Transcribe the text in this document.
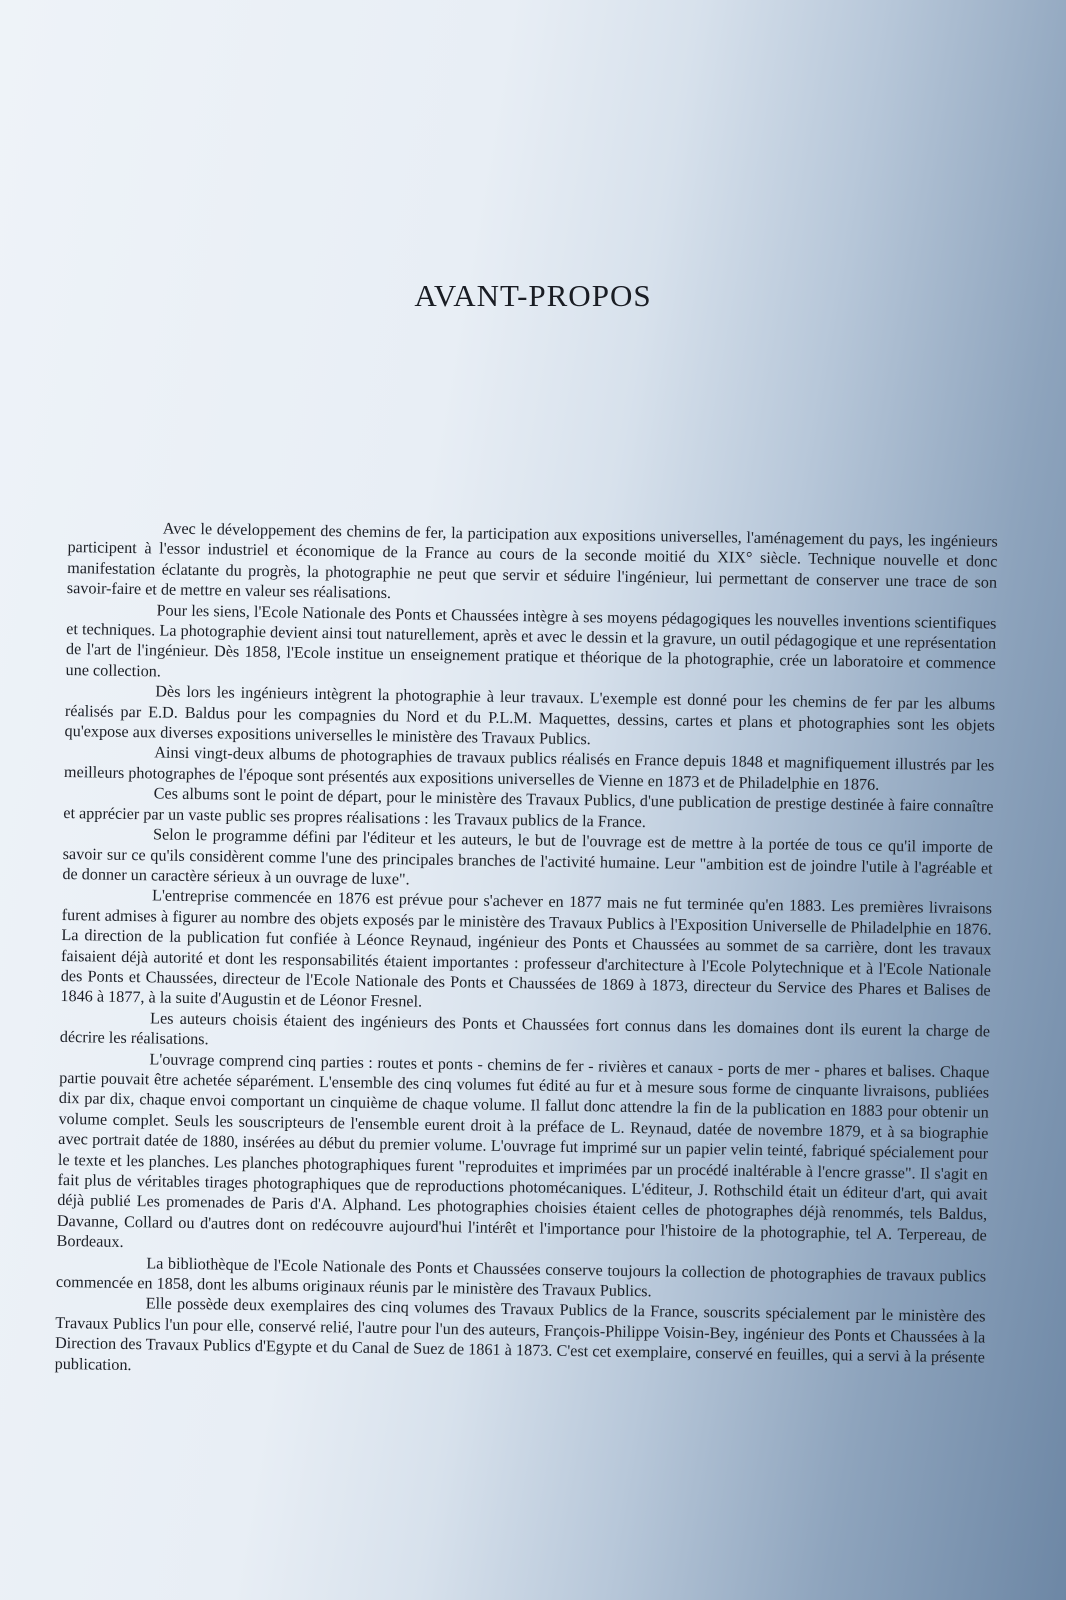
AVANT-PROPOS

Avec le développement des chemins de fer, la participation aux expositions universelles, l'aménagement du pays, les ingénieurs participent à l'essor industriel et économique de la France au cours de la seconde moitié du XIX° siècle. Technique nouvelle et donc manifestation éclatante du progrès, la photographie ne peut que servir et séduire l'ingénieur, lui permettant de conserver une trace de son savoir-faire et de mettre en valeur ses réalisations.

Pour les siens, l'Ecole Nationale des Ponts et Chaussées intègre à ses moyens pédagogiques les nouvelles inventions scientifiques et techniques. La photographie devient ainsi tout naturellement, après et avec le dessin et la gravure, un outil pédagogique et une représentation de l'art de l'ingénieur. Dès 1858, l'Ecole institue un enseignement pratique et théorique de la photographie, crée un laboratoire et commence une collection.

Dès lors les ingénieurs intègrent la photographie à leur travaux. L'exemple est donné pour les chemins de fer par les albums réalisés par E.D. Baldus pour les compagnies du Nord et du P.L.M. Maquettes, dessins, cartes et plans et photographies sont les objets qu'expose aux diverses expositions universelles le ministère des Travaux Publics.

Ainsi vingt-deux albums de photographies de travaux publics réalisés en France depuis 1848 et magnifiquement illustrés par les meilleurs photographes de l'époque sont présentés aux expositions universelles de Vienne en 1873 et de Philadelphie en 1876.

Ces albums sont le point de départ, pour le ministère des Travaux Publics, d'une publication de prestige destinée à faire connaître et apprécier par un vaste public ses propres réalisations : les Travaux publics de la France.

Selon le programme défini par l'éditeur et les auteurs, le but de l'ouvrage est de mettre à la portée de tous ce qu'il importe de savoir sur ce qu'ils considèrent comme l'une des principales branches de l'activité humaine. Leur "ambition est de joindre l'utile à l'agréable et de donner un caractère sérieux à un ouvrage de luxe".

L'entreprise commencée en 1876 est prévue pour s'achever en 1877 mais ne fut terminée qu'en 1883. Les premières livraisons furent admises à figurer au nombre des objets exposés par le ministère des Travaux Publics à l'Exposition Universelle de Philadelphie en 1876. La direction de la publication fut confiée à Léonce Reynaud, ingénieur des Ponts et Chaussées au sommet de sa carrière, dont les travaux faisaient déjà autorité et dont les responsabilités étaient importantes : professeur d'architecture à l'Ecole Polytechnique et à l'Ecole Nationale des Ponts et Chaussées, directeur de l'Ecole Nationale des Ponts et Chaussées de 1869 à 1873, directeur du Service des Phares et Balises de 1846 à 1877, à la suite d'Augustin et de Léonor Fresnel.

Les auteurs choisis étaient des ingénieurs des Ponts et Chaussées fort connus dans les domaines dont ils eurent la charge de décrire les réalisations.

L'ouvrage comprend cinq parties : routes et ponts - chemins de fer - rivières et canaux - ports de mer - phares et balises. Chaque partie pouvait être achetée séparément. L'ensemble des cinq volumes fut édité au fur et à mesure sous forme de cinquante livraisons, publiées dix par dix, chaque envoi comportant un cinquième de chaque volume. Il fallut donc attendre la fin de la publication en 1883 pour obtenir un volume complet. Seuls les souscripteurs de l'ensemble eurent droit à la préface de L. Reynaud, datée de novembre 1879, et à sa biographie avec portrait datée de 1880, insérées au début du premier volume. L'ouvrage fut imprimé sur un papier velin teinté, fabriqué spécialement pour le texte et les planches. Les planches photographiques furent "reproduites et imprimées par un procédé inaltérable à l'encre grasse". Il s'agit en fait plus de véritables tirages photographiques que de reproductions photomécaniques. L'éditeur, J. Rothschild était un éditeur d'art, qui avait déjà publié Les promenades de Paris d'A. Alphand. Les photographies choisies étaient celles de photographes déjà renommés, tels Baldus, Davanne, Collard ou d'autres dont on redécouvre aujourd'hui l'intérêt et l'importance pour l'histoire de la photographie, tel A. Terpereau, de Bordeaux.

La bibliothèque de l'Ecole Nationale des Ponts et Chaussées conserve toujours la collection de photographies de travaux publics commencée en 1858, dont les albums originaux réunis par le ministère des Travaux Publics.

Elle possède deux exemplaires des cinq volumes des Travaux Publics de la France, souscrits spécialement par le ministère des Travaux Publics l'un pour elle, conservé relié, l'autre pour l'un des auteurs, François-Philippe Voisin-Bey, ingénieur des Ponts et Chaussées à la Direction des Travaux Publics d'Egypte et du Canal de Suez de 1861 à 1873. C'est cet exemplaire, conservé en feuilles, qui a servi à la présente publication.
